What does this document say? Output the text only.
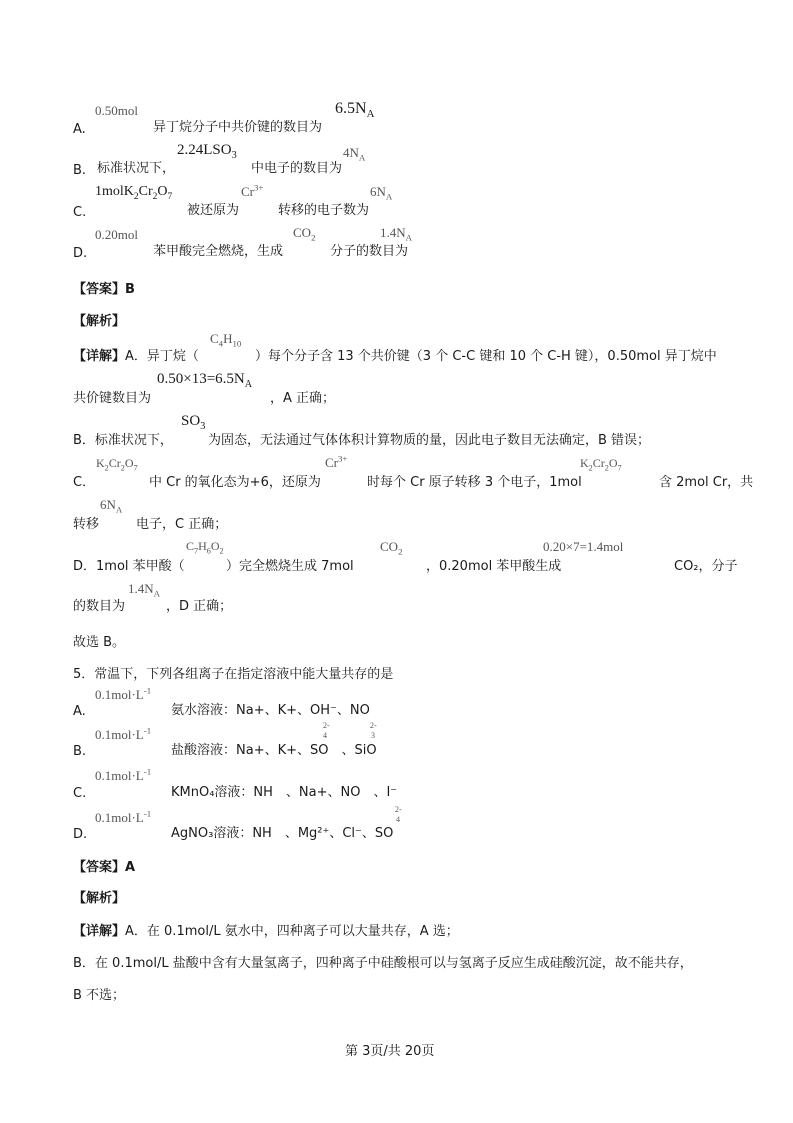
0.50mol	$6.5N_A$
A.	异丁烷分子中共价键的数目为
$2.24LSO_3$	$4N_A$
B. 标准状况下，	中电子的数目为
$1molK_2Cr_2O_7$	$Cr^{3+}$	$6N_A$
C.	被还原为	转移的电子数为
0.20mol	$CO_2$	$1.4N_A$
D.	苯甲酸完全燃烧，生成	分子的数目为
【答案】B
【解析】
$C_4H_{10}$
【详解】A．异丁烷（	）每个分子含 13 个共价键（3 个 C-C 键和 10 个 C-H 键），0.50mol 异丁烷中
$0.50\times 13=6.5N_A$
共价键数目为	，A 正确；
$SO_3$
B．标准状况下，	为固态，无法通过气体体积计算物质的量，因此电子数目无法确定，B 错误；
$K_2Cr_2O_7$	$Cr^{3+}$	$K_2Cr_2O_7$
C．	中 Cr 的氧化态为+6，还原为	时每个 Cr 原子转移 3 个电子，1mol	含 2mol Cr，共
$6N_A$
转移	电子，C 正确；
$C_7H_6O_2$	$CO_2$	0.20×7=1.4mol
D．1mol 苯甲酸（	）完全燃烧生成 7mol	，0.20mol 苯甲酸生成	CO₂，分子
$1.4N_A$
的数目为	，D 正确；
故选 B。
5．常温下，下列各组离子在指定溶液中能大量共存的是
$0.1mol\cdot L^{-1}$
A.	氨水溶液：Na+、K+、OH⁻、NO
$0.1mol\cdot L^{-1}$
2-
4
2-
3
B.	盐酸溶液：Na+、K+、SO  、SiO
$0.1mol\cdot L^{-1}$
C.	KMnO₄溶液：NH　、Na+、NO　、I⁻
$0.1mol\cdot L^{-1}$	2-
4
D.	AgNO₃溶液：NH　、Mg²⁺、Cl⁻、SO
【答案】A
【解析】
【详解】A．在 0.1mol/L 氨水中，四种离子可以大量共存，A 选；
B．在 0.1mol/L 盐酸中含有大量氢离子，四种离子中硅酸根可以与氢离子反应生成硅酸沉淀，故不能共存，
B 不选；
第 3页/共 20页
